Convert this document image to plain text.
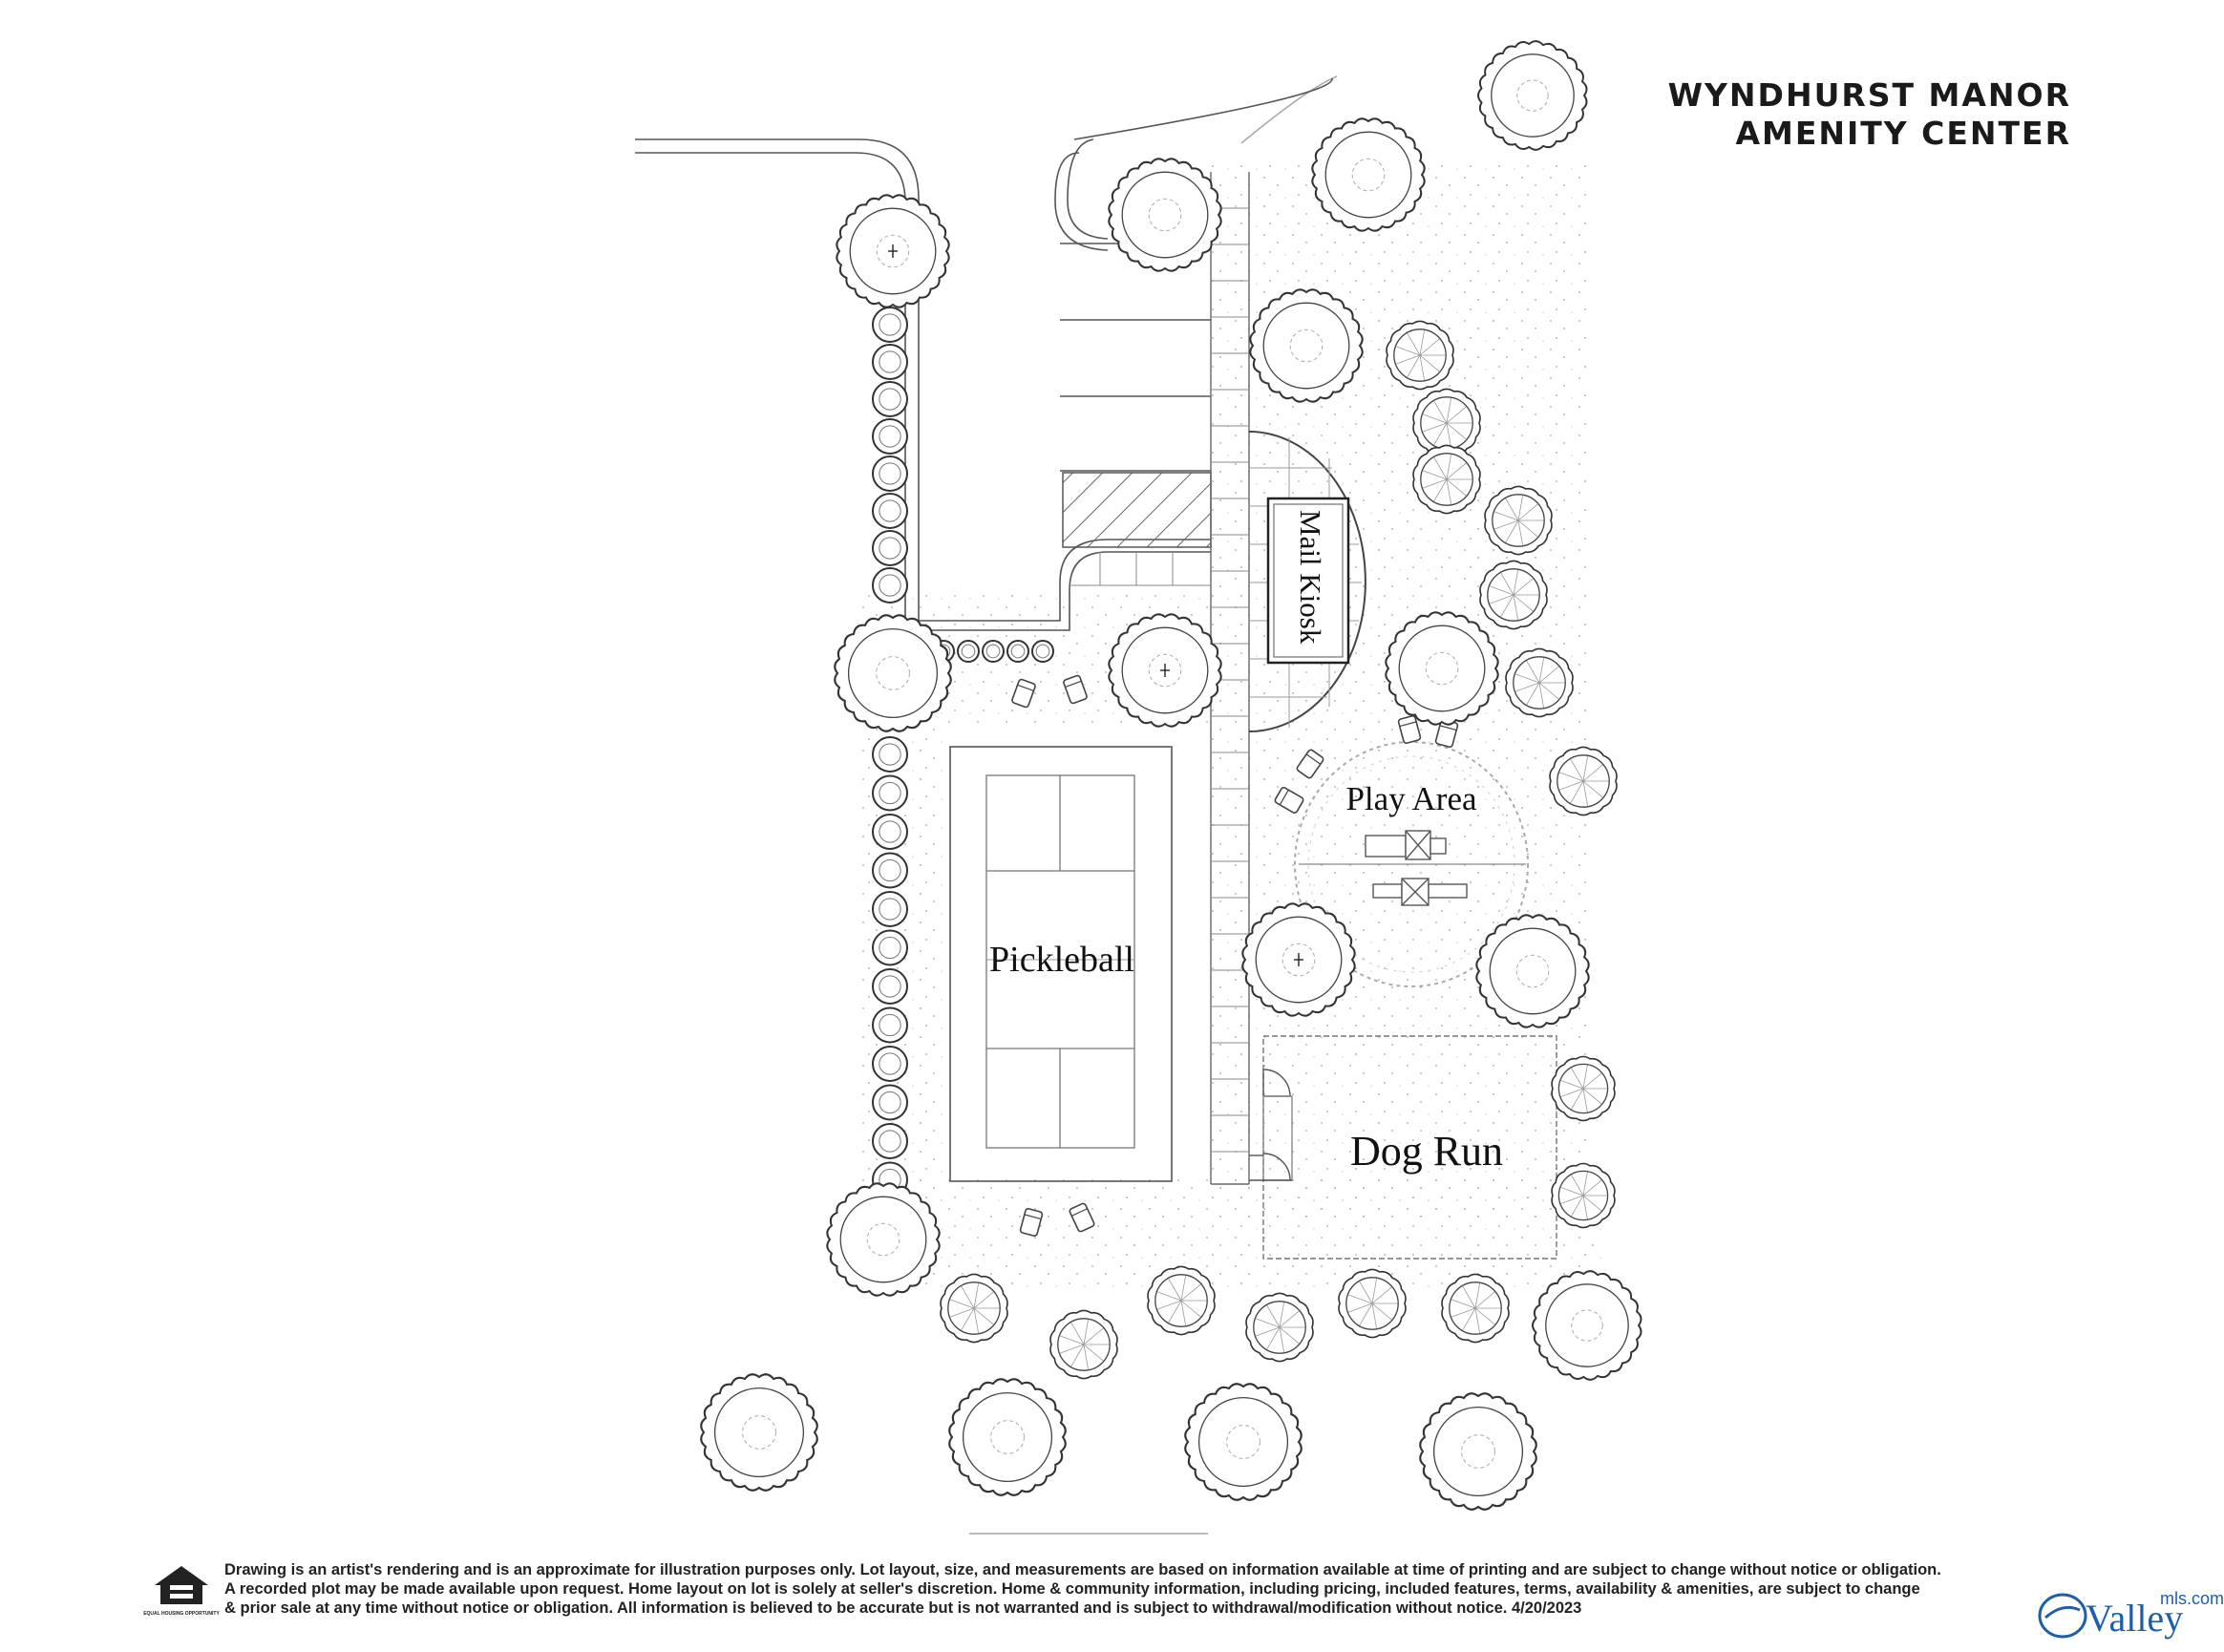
Mail Kiosk
Pickleball
Play Area
Dog Run
WYNDHURST MANOR
AMENITY CENTER
EQUAL HOUSING OPPORTUNITY
Drawing is an artist's rendering and is an approximate for illustration purposes only. Lot layout, size, and measurements are based on information available at time of printing and are subject to change without notice or obligation.
A recorded plot may be made available upon request. Home layout on lot is solely at seller's discretion. Home & community information, including pricing, included features, terms, availability & amenities, are subject to change
& prior sale at any time without notice or obligation. All information is believed to be accurate but is not warranted and is subject to withdrawal/modification without notice. 4/20/2023	Valley
mls.com
